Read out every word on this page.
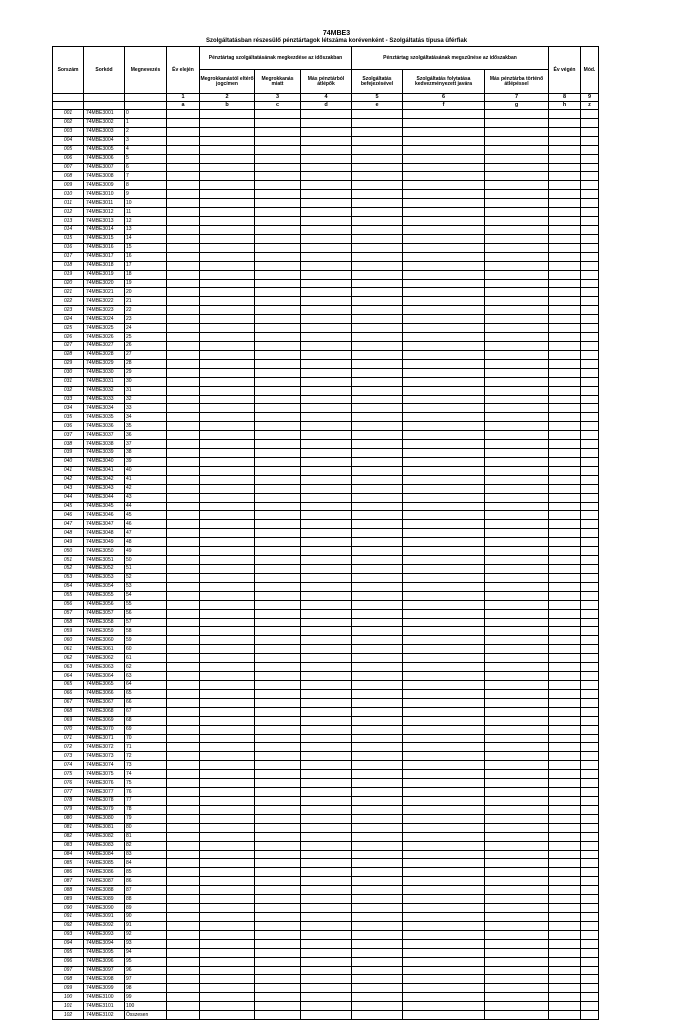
74MBE3
Szolgáltatásban részesülő pénztártagok létszáma korévenként - Szolgáltatás típusa üférfiak
Sorszám	Sorkód	Megnevezés	Év elején	Pénztártag szolgáltatásának megkezdése az időszakban			Pénztártag szolgáltatásának megszűnése az időszakban			Év végén	Mód.
				Megrokkanástól eltérő jogcímen	Megrokkanás miatt	Más pénztárból átlépők	Szolgáltatás befejezésével	Szolgáltatás folytatása kedvezményezett javára	Más pénztárba történő átlépéssel		
			1	2	3	4	5	6	7	8	9
			a	b	c	d	e	f	g	h	z
001	74MBE3001	0									
002	74MBE3002	1									
003	74MBE3003	2									
004	74MBE3004	3									
005	74MBE3005	4									
006	74MBE3006	5									
007	74MBE3007	6									
008	74MBE3008	7									
009	74MBE3009	8									
010	74MBE3010	9									
011	74MBE3011	10									
012	74MBE3012	11									
013	74MBE3013	12									
014	74MBE3014	13									
015	74MBE3015	14									
016	74MBE3016	15									
017	74MBE3017	16									
018	74MBE3018	17									
019	74MBE3019	18									
020	74MBE3020	19									
021	74MBE3021	20									
022	74MBE3022	21									
023	74MBE3023	22									
024	74MBE3024	23									
025	74MBE3025	24									
026	74MBE3026	25									
027	74MBE3027	26									
028	74MBE3028	27									
029	74MBE3029	28									
030	74MBE3030	29									
031	74MBE3031	30									
032	74MBE3032	31									
033	74MBE3033	32									
034	74MBE3034	33									
035	74MBE3035	34									
036	74MBE3036	35									
037	74MBE3037	36									
038	74MBE3038	37									
039	74MBE3039	38									
040	74MBE3040	39									
041	74MBE3041	40									
042	74MBE3042	41									
043	74MBE3043	42									
044	74MBE3044	43									
045	74MBE3045	44									
046	74MBE3046	45									
047	74MBE3047	46									
048	74MBE3048	47									
049	74MBE3049	48									
050	74MBE3050	49									
051	74MBE3051	50									
052	74MBE3052	51									
053	74MBE3053	52									
054	74MBE3054	53									
055	74MBE3055	54									
056	74MBE3056	55									
057	74MBE3057	56									
058	74MBE3058	57									
059	74MBE3059	58									
060	74MBE3060	59									
061	74MBE3061	60									
062	74MBE3062	61									
063	74MBE3063	62									
064	74MBE3064	63									
065	74MBE3065	64									
066	74MBE3066	65									
067	74MBE3067	66									
068	74MBE3068	67									
069	74MBE3069	68									
070	74MBE3070	69									
071	74MBE3071	70									
072	74MBE3072	71									
073	74MBE3073	72									
074	74MBE3074	73									
075	74MBE3075	74									
076	74MBE3076	75									
077	74MBE3077	76									
078	74MBE3078	77									
079	74MBE3079	78									
080	74MBE3080	79									
081	74MBE3081	80									
082	74MBE3082	81									
083	74MBE3083	82									
084	74MBE3084	83									
085	74MBE3085	84									
086	74MBE3086	85									
087	74MBE3087	86									
088	74MBE3088	87									
089	74MBE3089	88									
090	74MBE3090	89									
091	74MBE3091	90									
092	74MBE3092	91									
093	74MBE3093	92									
094	74MBE3094	93									
095	74MBE3095	94									
096	74MBE3096	95									
097	74MBE3097	96									
098	74MBE3098	97									
099	74MBE3099	98									
100	74MBE3100	99									
101	74MBE3101	100									
102	74MBE3102	Összesen									
